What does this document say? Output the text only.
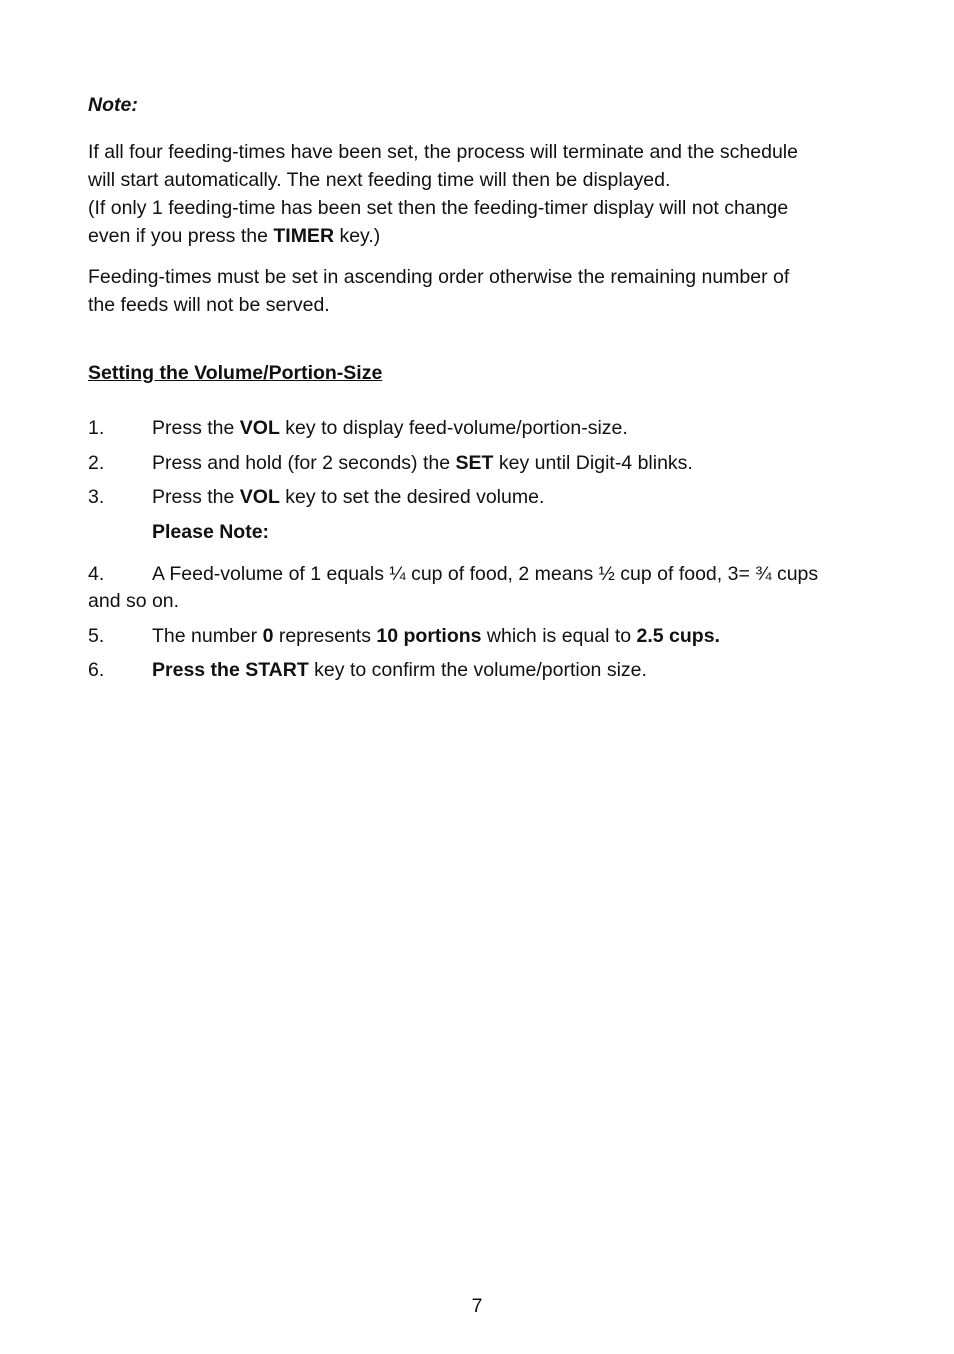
Note:
If all four feeding-times have been set, the process will terminate and the schedule
will start automatically. The next feeding time will then be displayed.
(If only 1 feeding-time has been set then the feeding-timer display will not change
even if you press the TIMER key.)
Feeding-times must be set in ascending order otherwise the remaining number of
the feeds will not be served.
Setting the Volume/Portion-Size
1.	Press the VOL key to display feed-volume/portion-size.
2.	Press and hold (for 2 seconds) the SET key until Digit-4 blinks.
3.	Press the VOL key to set the desired volume.
Please Note:
4.	A Feed-volume of 1 equals ¼ cup of food, 2 means ½ cup of food, 3= ¾ cups
and so on.
5.	The number 0 represents 10 portions which is equal to 2.5 cups.
6.	Press the START key to confirm the volume/portion size.
7
